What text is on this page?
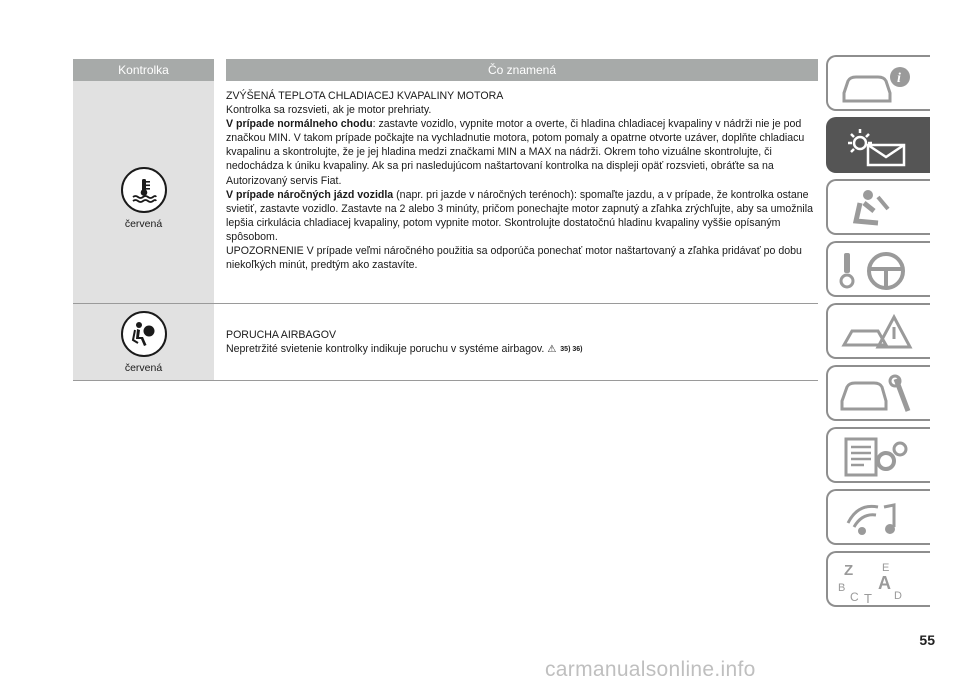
Kontrolka	Čo znamená
červená
ZVÝŠENÁ TEPLOTA CHLADIACEJ KVAPALINY MOTORA
Kontrolka sa rozsvieti, ak je motor prehriaty.
V prípade normálneho chodu: zastavte vozidlo, vypnite motor a overte, či hladina chladiacej kvapaliny v nádrži nie je pod značkou MIN. V takom prípade počkajte na vychladnutie motora, potom pomaly a opatrne otvorte uzáver, doplňte chladiacu kvapalinu a skontrolujte, že je jej hladina medzi značkami MIN a MAX na nádrži. Okrem toho vizuálne skontrolujte, či nedochádza k úniku kvapaliny. Ak sa pri nasledujúcom naštartovaní kontrolka na displeji opäť rozsvieti, obráťte sa na Autorizovaný servis Fiat.
V prípade náročných jázd vozidla (napr. pri jazde v náročných terénoch): spomaľte jazdu, a v prípade, že kontrolka ostane svietiť, zastavte vozidlo. Zastavte na 2 alebo 3 minúty, pričom ponechajte motor zapnutý a zľahka zrýchľujte, aby sa umožnila lepšia cirkulácia chladiacej kvapaliny, potom vypnite motor. Skontrolujte dostatočnú hladinu kvapaliny vyššie opísaným spôsobom.
UPOZORNENIE V prípade veľmi náročného použitia sa odporúča ponechať motor naštartovaný a zľahka pridávať po dobu niekoľkých minút, predtým ako zastavíte.
červená
PORUCHA AIRBAGOV
Nepretržité svietenie kontrolky indikuje poruchu v systéme airbagov. ⚠ 35) 36)
i
Z	E
A
B
C T D
55
carmanualsonline.info
